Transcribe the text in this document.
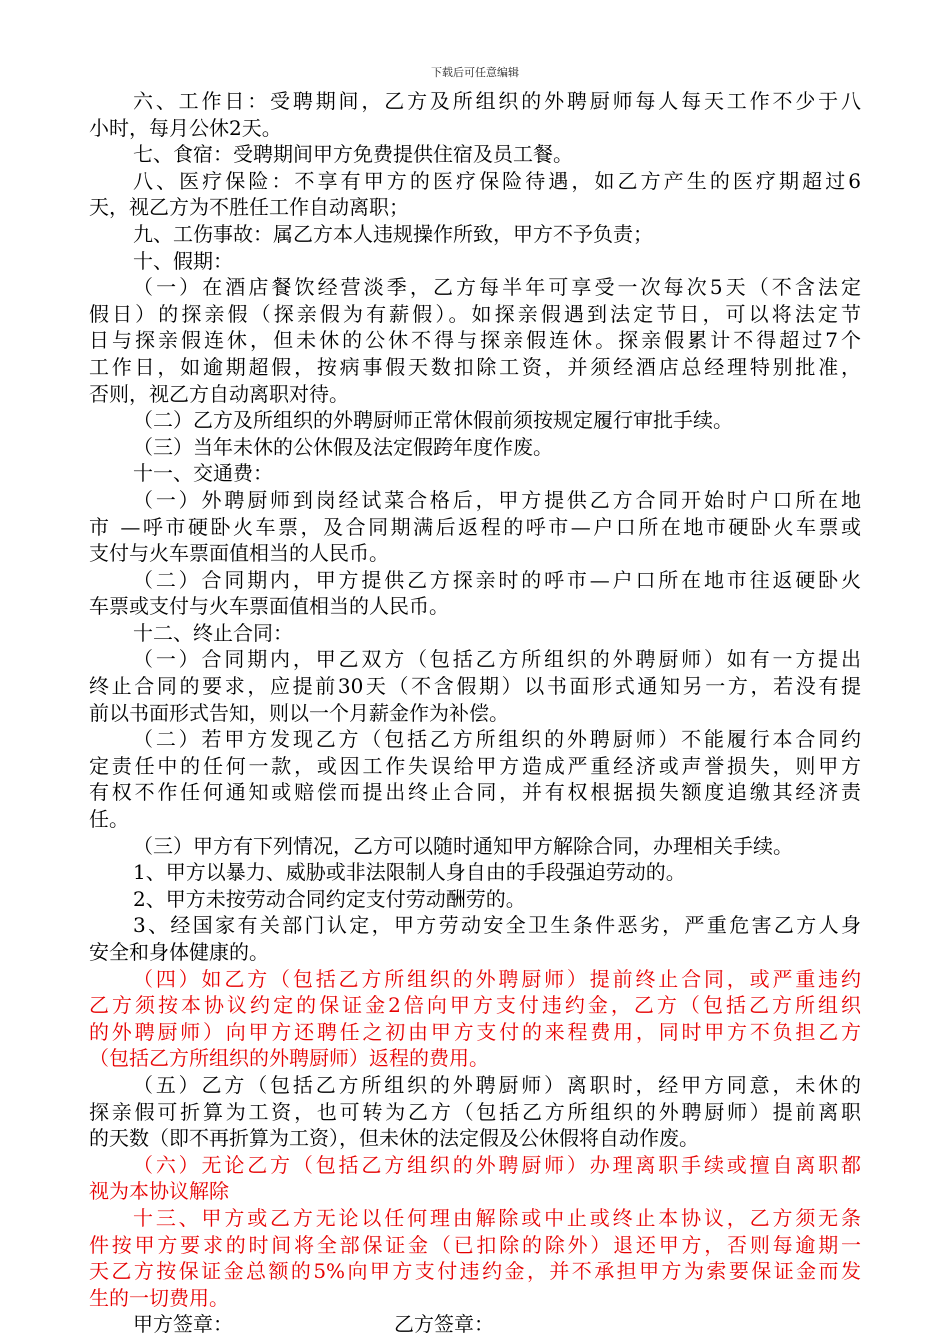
下载后可任意编辑
六、工作日：受聘期间，乙方及所组织的外聘厨师每人每天工作不少于八
小时，每月公休2天。
七、食宿：受聘期间甲方免费提供住宿及员工餐。
八、医疗保险：不享有甲方的医疗保险待遇，如乙方产生的医疗期超过6
天，视乙方为不胜任工作自动离职；
九、工伤事故：属乙方本人违规操作所致，甲方不予负责；
十、假期：
（一）在酒店餐饮经营淡季，乙方每半年可享受一次每次5天（不含法定
假日）的探亲假（探亲假为有薪假）。如探亲假遇到法定节日，可以将法定节
日与探亲假连休，但未休的公休不得与探亲假连休。探亲假累计不得超过7个
工作日，如逾期超假，按病事假天数扣除工资，并须经酒店总经理特别批准，
否则，视乙方自动离职对待。
（二）乙方及所组织的外聘厨师正常休假前须按规定履行审批手续。
（三）当年未休的公休假及法定假跨年度作废。
十一、交通费：
（一）外聘厨师到岗经试菜合格后，甲方提供乙方合同开始时户口所在地
市 —呼市硬卧火车票，及合同期满后返程的呼市—户口所在地市硬卧火车票或
支付与火车票面值相当的人民币。
（二）合同期内，甲方提供乙方探亲时的呼市—户口所在地市往返硬卧火
车票或支付与火车票面值相当的人民币。
十二、终止合同：
（一）合同期内，甲乙双方（包括乙方所组织的外聘厨师）如有一方提出
终止合同的要求，应提前30天（不含假期）以书面形式通知另一方，若没有提
前以书面形式告知，则以一个月薪金作为补偿。
（二）若甲方发现乙方（包括乙方所组织的外聘厨师）不能履行本合同约
定责任中的任何一款，或因工作失误给甲方造成严重经济或声誉损失，则甲方
有权不作任何通知或赔偿而提出终止合同，并有权根据损失额度追缴其经济责
任。
（三）甲方有下列情况，乙方可以随时通知甲方解除合同，办理相关手续。
1、甲方以暴力、威胁或非法限制人身自由的手段强迫劳动的。
2、甲方未按劳动合同约定支付劳动酬劳的。
3、经国家有关部门认定，甲方劳动安全卫生条件恶劣，严重危害乙方人身
安全和身体健康的。
（四）如乙方（包括乙方所组织的外聘厨师）提前终止合同，或严重违约
乙方须按本协议约定的保证金2倍向甲方支付违约金，乙方（包括乙方所组织
的外聘厨师）向甲方还聘任之初由甲方支付的来程费用，同时甲方不负担乙方
（包括乙方所组织的外聘厨师）返程的费用。
（五）乙方（包括乙方所组织的外聘厨师）离职时，经甲方同意，未休的
探亲假可折算为工资，也可转为乙方（包括乙方所组织的外聘厨师）提前离职
的天数（即不再折算为工资），但未休的法定假及公休假将自动作废。
（六）无论乙方（包括乙方组织的外聘厨师）办理离职手续或擅自离职都
视为本协议解除
十三、甲方或乙方无论以任何理由解除或中止或终止本协议，乙方须无条
件按甲方要求的时间将全部保证金（已扣除的除外）退还甲方，否则每逾期一
天乙方按保证金总额的5%向甲方支付违约金，并不承担甲方为索要保证金而发
生的一切费用。
甲方签章：	乙方签章：
